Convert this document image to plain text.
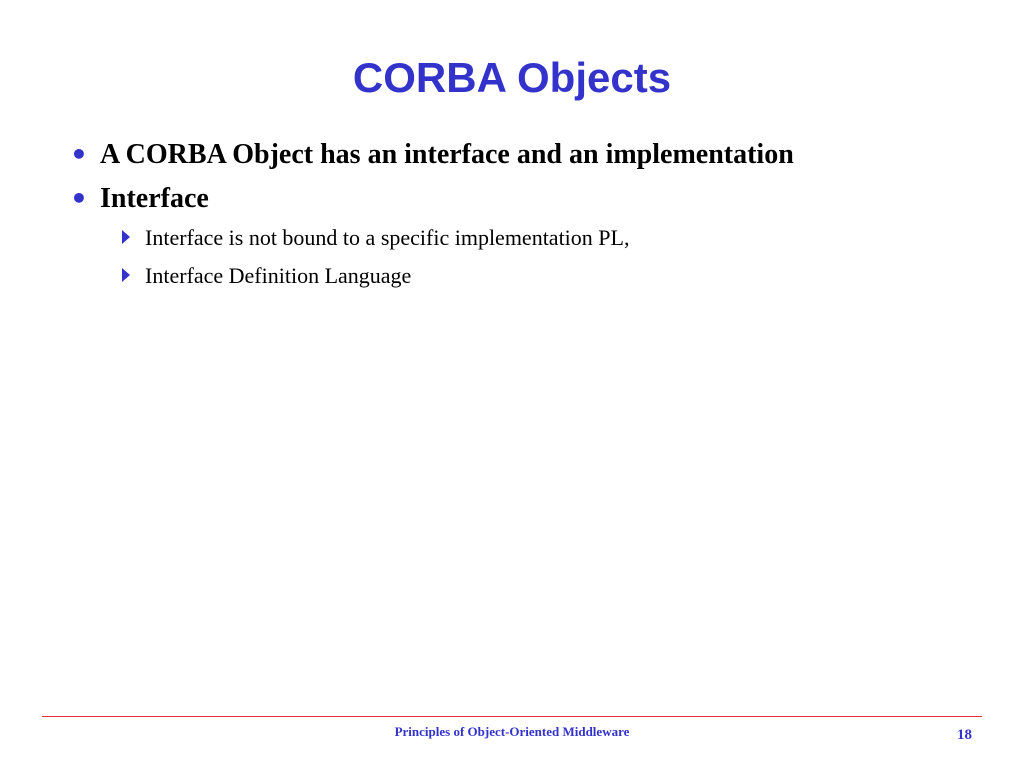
CORBA Objects
• A CORBA Object has an interface and an implementation
• Interface
Interface is not bound to a specific implementation PL,
Interface Definition Language
Principles of Object-Oriented Middleware	18
